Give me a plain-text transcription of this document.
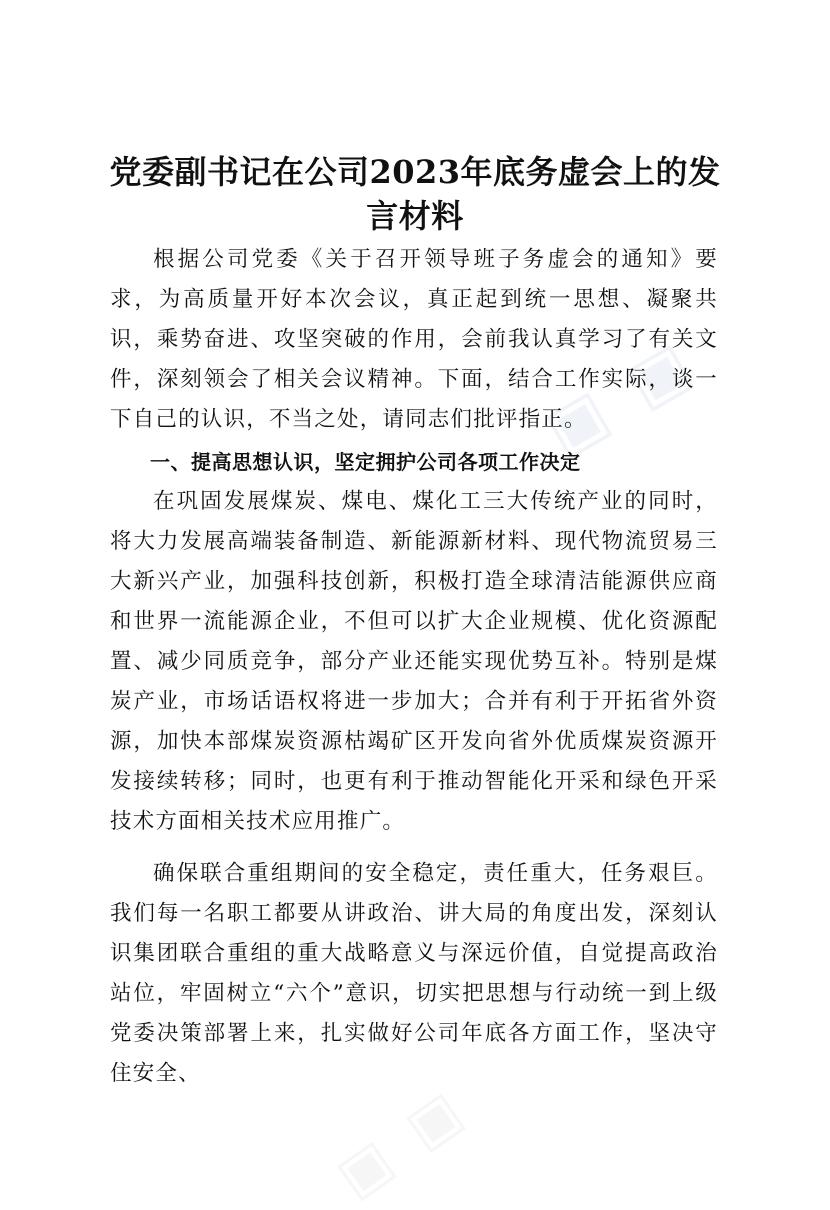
▣ ▣
▣ ▣
党委副书记在公司2023年底务虚会上的发言材料

根据公司党委《关于召开领导班子务虚会的通知》要求，为高质量开好本次会议，真正起到统一思想、凝聚共识，乘势奋进、攻坚突破的作用，会前我认真学习了有关文件，深刻领会了相关会议精神。下面，结合工作实际，谈一下自己的认识，不当之处，请同志们批评指正。

一、提高思想认识，坚定拥护公司各项工作决定

在巩固发展煤炭、煤电、煤化工三大传统产业的同时，将大力发展高端装备制造、新能源新材料、现代物流贸易三大新兴产业，加强科技创新，积极打造全球清洁能源供应商和世界一流能源企业，不但可以扩大企业规模、优化资源配置、减少同质竞争，部分产业还能实现优势互补。特别是煤炭产业，市场话语权将进一步加大；合并有利于开拓省外资源，加快本部煤炭资源枯竭矿区开发向省外优质煤炭资源开发接续转移；同时，也更有利于推动智能化开采和绿色开采技术方面相关技术应用推广。

确保联合重组期间的安全稳定，责任重大，任务艰巨。我们每一名职工都要从讲政治、讲大局的角度出发，深刻认识集团联合重组的重大战略意义与深远价值，自觉提高政治站位，牢固树立“六个”意识，切实把思想与行动统一到上级党委决策部署上来，扎实做好公司年底各方面工作，坚决守住安全、
